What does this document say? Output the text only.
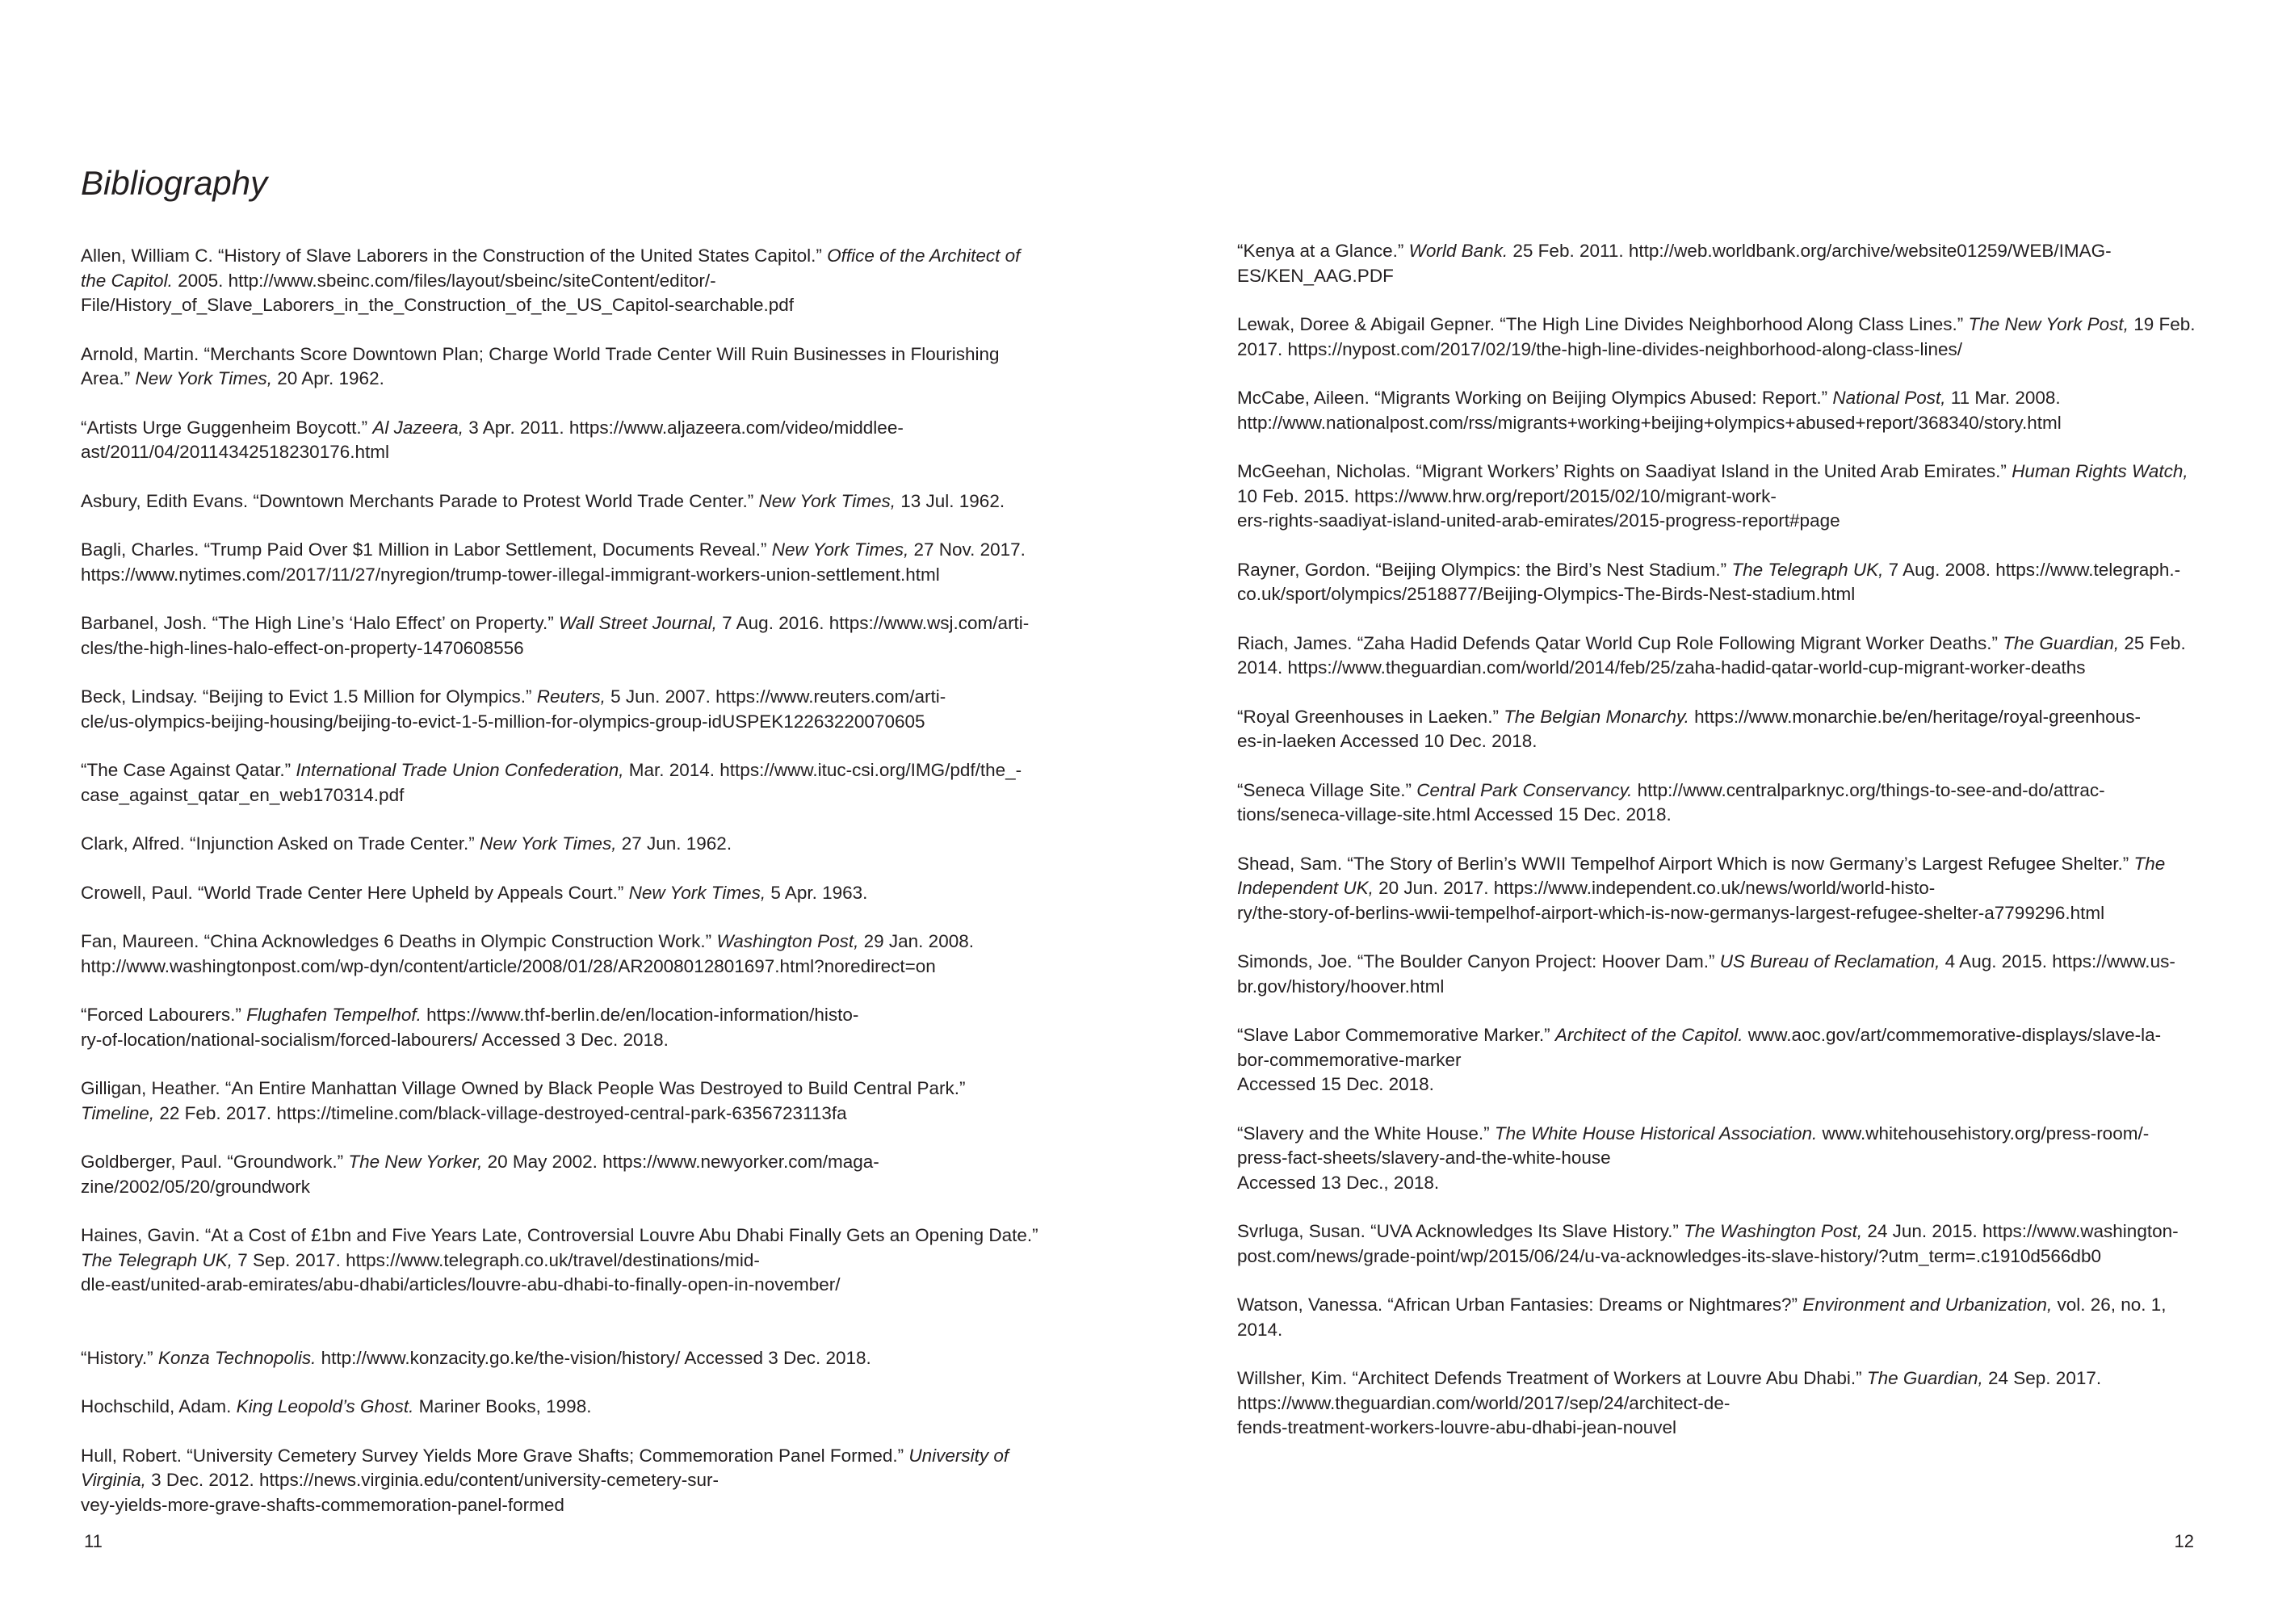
Bibliography
Allen, William C. “History of Slave Laborers in the Construction of the United States Capitol.” Office of the Architect of
the Capitol. 2005. http://www.sbeinc.com/files/layout/sbeinc/siteContent/editor/-
File/History_of_Slave_Laborers_in_the_Construction_of_the_US_Capitol-searchable.pdf
Arnold, Martin. “Merchants Score Downtown Plan; Charge World Trade Center Will Ruin Businesses in Flourishing
Area.” New York Times, 20 Apr. 1962.
“Artists Urge Guggenheim Boycott.” Al Jazeera, 3 Apr. 2011. https://www.aljazeera.com/video/middlee-
ast/2011/04/20114342518230176.html
Asbury, Edith Evans. “Downtown Merchants Parade to Protest World Trade Center.” New York Times, 13 Jul. 1962.
Bagli, Charles. “Trump Paid Over $1 Million in Labor Settlement, Documents Reveal.” New York Times, 27 Nov. 2017.
https://www.nytimes.com/2017/11/27/nyregion/trump-tower-illegal-immigrant-workers-union-settlement.html
Barbanel, Josh. “The High Line’s ‘Halo Effect’ on Property.” Wall Street Journal, 7 Aug. 2016. https://www.wsj.com/arti-
cles/the-high-lines-halo-effect-on-property-1470608556
Beck, Lindsay. “Beijing to Evict 1.5 Million for Olympics.” Reuters, 5 Jun. 2007. https://www.reuters.com/arti-
cle/us-olympics-beijing-housing/beijing-to-evict-1-5-million-for-olympics-group-idUSPEK12263220070605
“The Case Against Qatar.” International Trade Union Confederation, Mar. 2014. https://www.ituc-csi.org/IMG/pdf/the_-
case_against_qatar_en_web170314.pdf
Clark, Alfred. “Injunction Asked on Trade Center.” New York Times, 27 Jun. 1962.
Crowell, Paul. “World Trade Center Here Upheld by Appeals Court.” New York Times, 5 Apr. 1963.
Fan, Maureen. “China Acknowledges 6 Deaths in Olympic Construction Work.” Washington Post, 29 Jan. 2008.
http://www.washingtonpost.com/wp-dyn/content/article/2008/01/28/AR2008012801697.html?noredirect=on
“Forced Labourers.” Flughafen Tempelhof. https://www.thf-berlin.de/en/location-information/histo-
ry-of-location/national-socialism/forced-labourers/ Accessed 3 Dec. 2018.
Gilligan, Heather. “An Entire Manhattan Village Owned by Black People Was Destroyed to Build Central Park.”
Timeline, 22 Feb. 2017. https://timeline.com/black-village-destroyed-central-park-6356723113fa
Goldberger, Paul. “Groundwork.” The New Yorker, 20 May 2002. https://www.newyorker.com/maga-
zine/2002/05/20/groundwork
Haines, Gavin. “At a Cost of £1bn and Five Years Late, Controversial Louvre Abu Dhabi Finally Gets an Opening Date.”
The Telegraph UK, 7 Sep. 2017. https://www.telegraph.co.uk/travel/destinations/mid-
dle-east/united-arab-emirates/abu-dhabi/articles/louvre-abu-dhabi-to-finally-open-in-november/
“History.” Konza Technopolis. http://www.konzacity.go.ke/the-vision/history/ Accessed 3 Dec. 2018.
Hochschild, Adam. King Leopold’s Ghost. Mariner Books, 1998.
Hull, Robert. “University Cemetery Survey Yields More Grave Shafts; Commemoration Panel Formed.” University of
Virginia, 3 Dec. 2012. https://news.virginia.edu/content/university-cemetery-sur-
vey-yields-more-grave-shafts-commemoration-panel-formed
11
“Kenya at a Glance.” World Bank. 25 Feb. 2011. http://web.worldbank.org/archive/website01259/WEB/IMAG-
ES/KEN_AAG.PDF
Lewak, Doree & Abigail Gepner. “The High Line Divides Neighborhood Along Class Lines.” The New York Post, 19 Feb.
2017. https://nypost.com/2017/02/19/the-high-line-divides-neighborhood-along-class-lines/
McCabe, Aileen. “Migrants Working on Beijing Olympics Abused: Report.” National Post, 11 Mar. 2008.
http://www.nationalpost.com/rss/migrants+working+beijing+olympics+abused+report/368340/story.html
McGeehan, Nicholas. “Migrant Workers’ Rights on Saadiyat Island in the United Arab Emirates.” Human Rights Watch,
10 Feb. 2015. https://www.hrw.org/report/2015/02/10/migrant-work-
ers-rights-saadiyat-island-united-arab-emirates/2015-progress-report#page
Rayner, Gordon. “Beijing Olympics: the Bird’s Nest Stadium.” The Telegraph UK, 7 Aug. 2008. https://www.telegraph.-
co.uk/sport/olympics/2518877/Beijing-Olympics-The-Birds-Nest-stadium.html
Riach, James. “Zaha Hadid Defends Qatar World Cup Role Following Migrant Worker Deaths.” The Guardian, 25 Feb.
2014. https://www.theguardian.com/world/2014/feb/25/zaha-hadid-qatar-world-cup-migrant-worker-deaths
“Royal Greenhouses in Laeken.” The Belgian Monarchy. https://www.monarchie.be/en/heritage/royal-greenhous-
es-in-laeken Accessed 10 Dec. 2018.
“Seneca Village Site.” Central Park Conservancy. http://www.centralparknyc.org/things-to-see-and-do/attrac-
tions/seneca-village-site.html Accessed 15 Dec. 2018.
Shead, Sam. “The Story of Berlin’s WWII Tempelhof Airport Which is now Germany’s Largest Refugee Shelter.” The
Independent UK, 20 Jun. 2017. https://www.independent.co.uk/news/world/world-histo-
ry/the-story-of-berlins-wwii-tempelhof-airport-which-is-now-germanys-largest-refugee-shelter-a7799296.html
Simonds, Joe. “The Boulder Canyon Project: Hoover Dam.” US Bureau of Reclamation, 4 Aug. 2015. https://www.us-
br.gov/history/hoover.html
“Slave Labor Commemorative Marker.” Architect of the Capitol. www.aoc.gov/art/commemorative-displays/slave-la-
bor-commemorative-marker
Accessed 15 Dec. 2018.
“Slavery and the White House.” The White House Historical Association. www.whitehousehistory.org/press-room/-
press-fact-sheets/slavery-and-the-white-house
Accessed 13 Dec., 2018.
Svrluga, Susan. “UVA Acknowledges Its Slave History.” The Washington Post, 24 Jun. 2015. https://www.washington-
post.com/news/grade-point/wp/2015/06/24/u-va-acknowledges-its-slave-history/?utm_term=.c1910d566db0
Watson, Vanessa. “African Urban Fantasies: Dreams or Nightmares?” Environment and Urbanization, vol. 26, no. 1,
2014.
Willsher, Kim. “Architect Defends Treatment of Workers at Louvre Abu Dhabi.” The Guardian, 24 Sep. 2017.
https://www.theguardian.com/world/2017/sep/24/architect-de-
fends-treatment-workers-louvre-abu-dhabi-jean-nouvel
12
